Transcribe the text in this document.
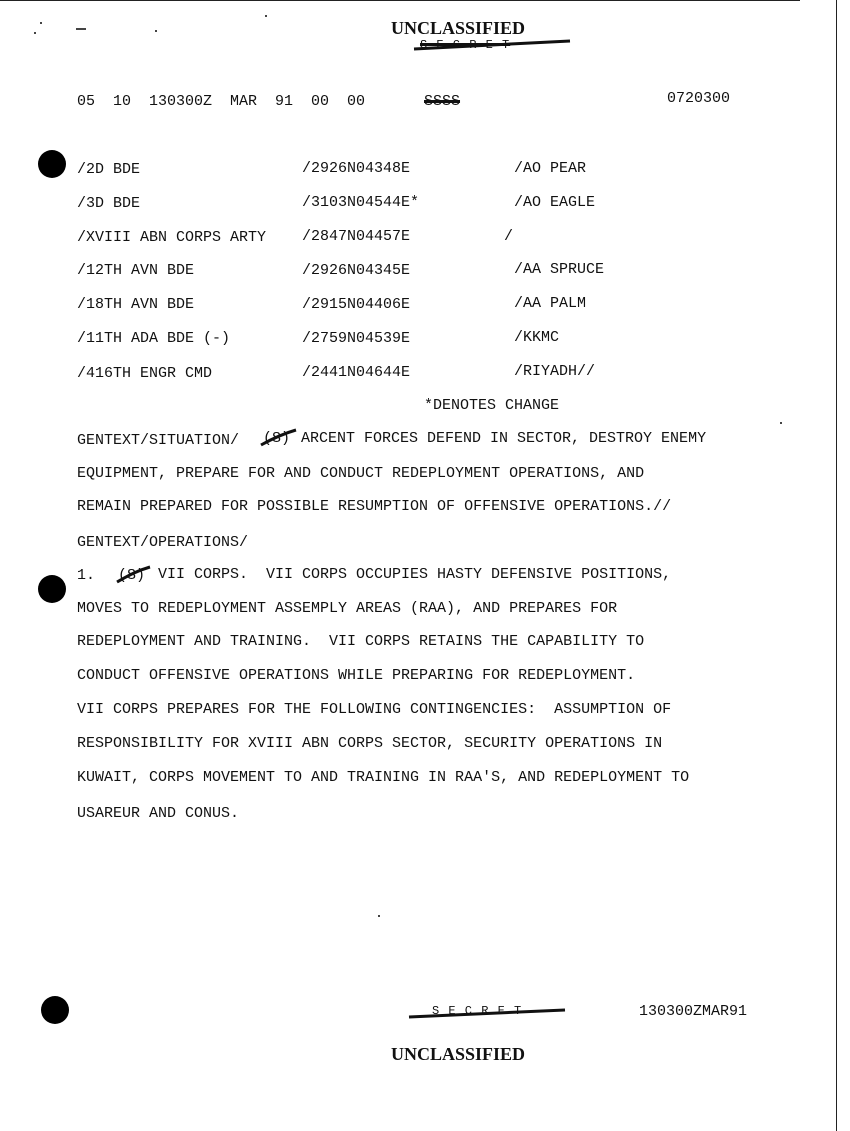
UNCLASSIFIED
S E C R E T
05  10  130300Z  MAR  91  00  00	SSSS	0720300
/2D BDE	/2926N04348E	/AO PEAR
/3D BDE	/3103N04544E*	/AO EAGLE
/XVIII ABN CORPS ARTY /2847N04457E	/
/12TH AVN BDE	/2926N04345E	/AA SPRUCE
/18TH AVN BDE	/2915N04406E	/AA PALM
/11TH ADA BDE (-)	/2759N04539E	/KKMC
/416TH ENGR CMD	/2441N04644E	/RIYADH//
*DENOTES CHANGE
GENTEXT/SITUATION/ (S) ARCENT FORCES DEFEND IN SECTOR, DESTROY ENEMY
EQUIPMENT, PREPARE FOR AND CONDUCT REDEPLOYMENT OPERATIONS, AND
REMAIN PREPARED FOR POSSIBLE RESUMPTION OF OFFENSIVE OPERATIONS.//
GENTEXT/OPERATIONS/
1. (S) VII CORPS.  VII CORPS OCCUPIES HASTY DEFENSIVE POSITIONS,
MOVES TO REDEPLOYMENT ASSEMPLY AREAS (RAA), AND PREPARES FOR
REDEPLOYMENT AND TRAINING.  VII CORPS RETAINS THE CAPABILITY TO
CONDUCT OFFENSIVE OPERATIONS WHILE PREPARING FOR REDEPLOYMENT.
VII CORPS PREPARES FOR THE FOLLOWING CONTINGENCIES:  ASSUMPTION OF
RESPONSIBILITY FOR XVIII ABN CORPS SECTOR, SECURITY OPERATIONS IN
KUWAIT, CORPS MOVEMENT TO AND TRAINING IN RAA'S, AND REDEPLOYMENT TO
USAREUR AND CONUS.
S E C R E T	130300ZMAR91
UNCLASSIFIED
